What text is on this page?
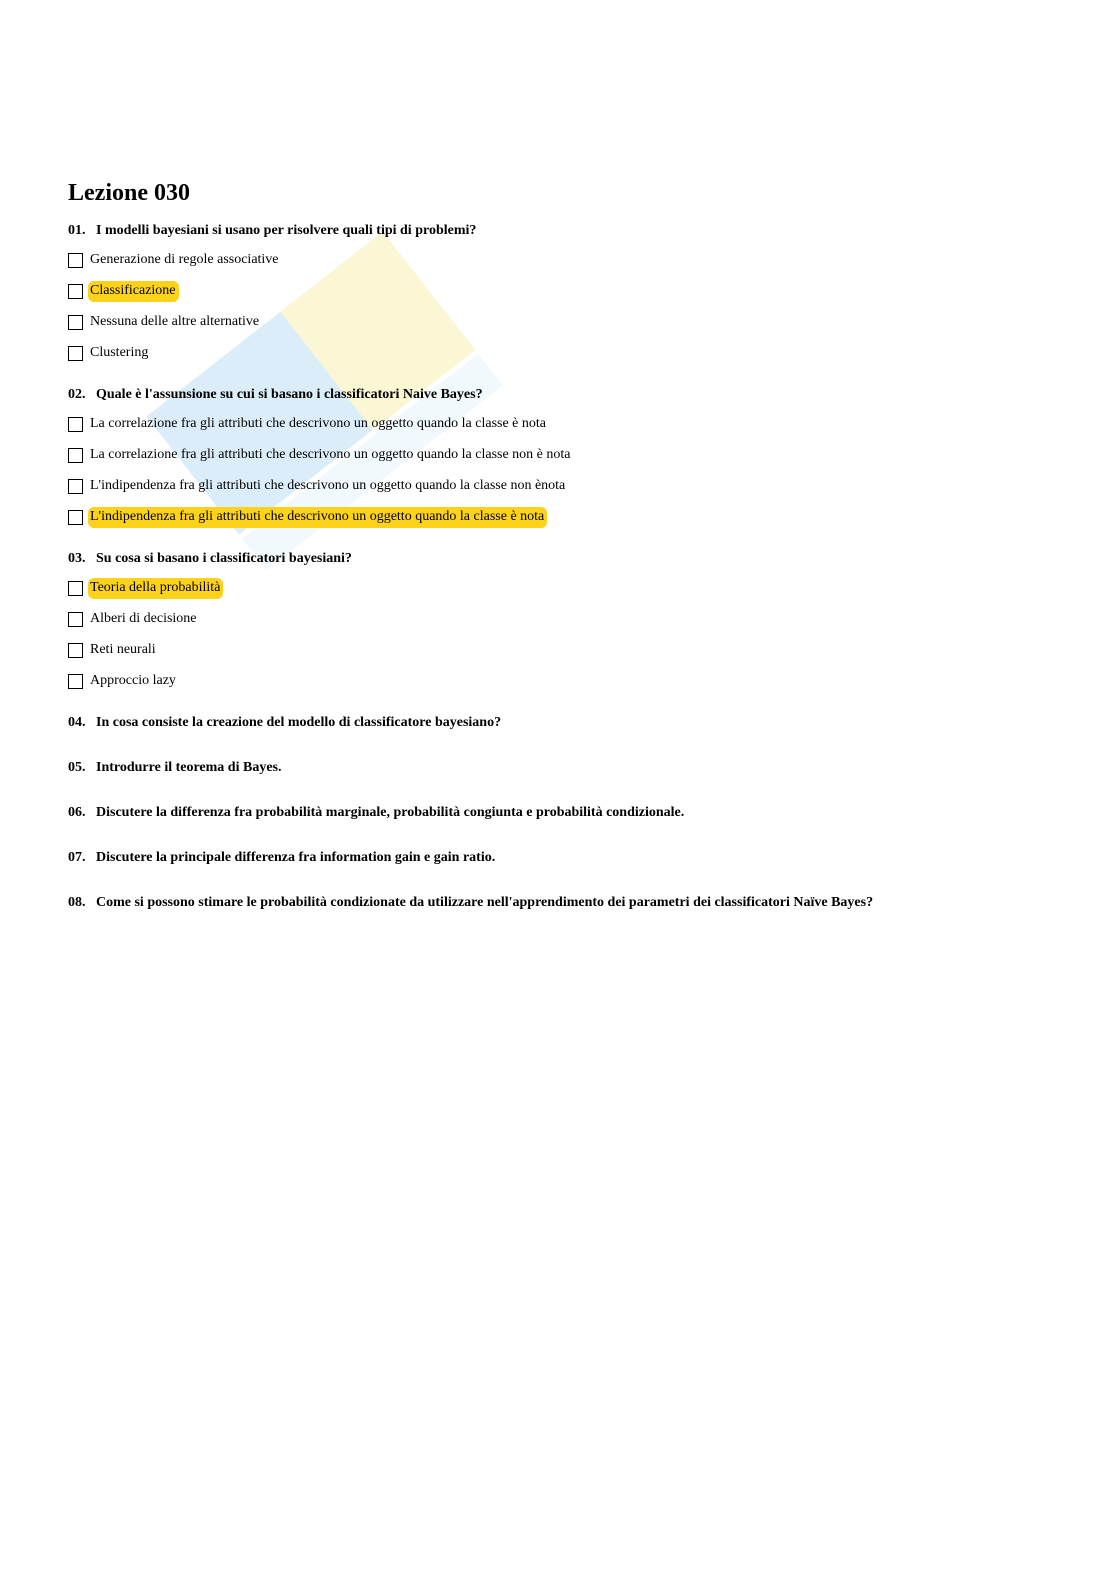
Lezione 030

01. I modelli bayesiani si usano per risolvere quali tipi di problemi?

Generazione di regole associative
Classificazione
Nessuna delle altre alternative
Clustering

02. Quale è l'assunsione su cui si basano i classificatori Naive Bayes?

La correlazione fra gli attributi che descrivono un oggetto quando la classe è nota
La correlazione fra gli attributi che descrivono un oggetto quando la classe non è nota
L'indipendenza fra gli attributi che descrivono un oggetto quando la classe non ènota
L'indipendenza fra gli attributi che descrivono un oggetto quando la classe è nota

03. Su cosa si basano i classificatori bayesiani?

Teoria della probabilità
Alberi di decisione
Reti neurali
Approccio lazy

04. In cosa consiste la creazione del modello di classificatore bayesiano?

05. Introdurre il teorema di Bayes.

06. Discutere la differenza fra probabilità marginale, probabilità congiunta e probabilità condizionale.

07. Discutere la principale differenza fra information gain e gain ratio.

08. Come si possono stimare le probabilità condizionate da utilizzare nell'apprendimento dei parametri dei classificatori Naïve Bayes?
